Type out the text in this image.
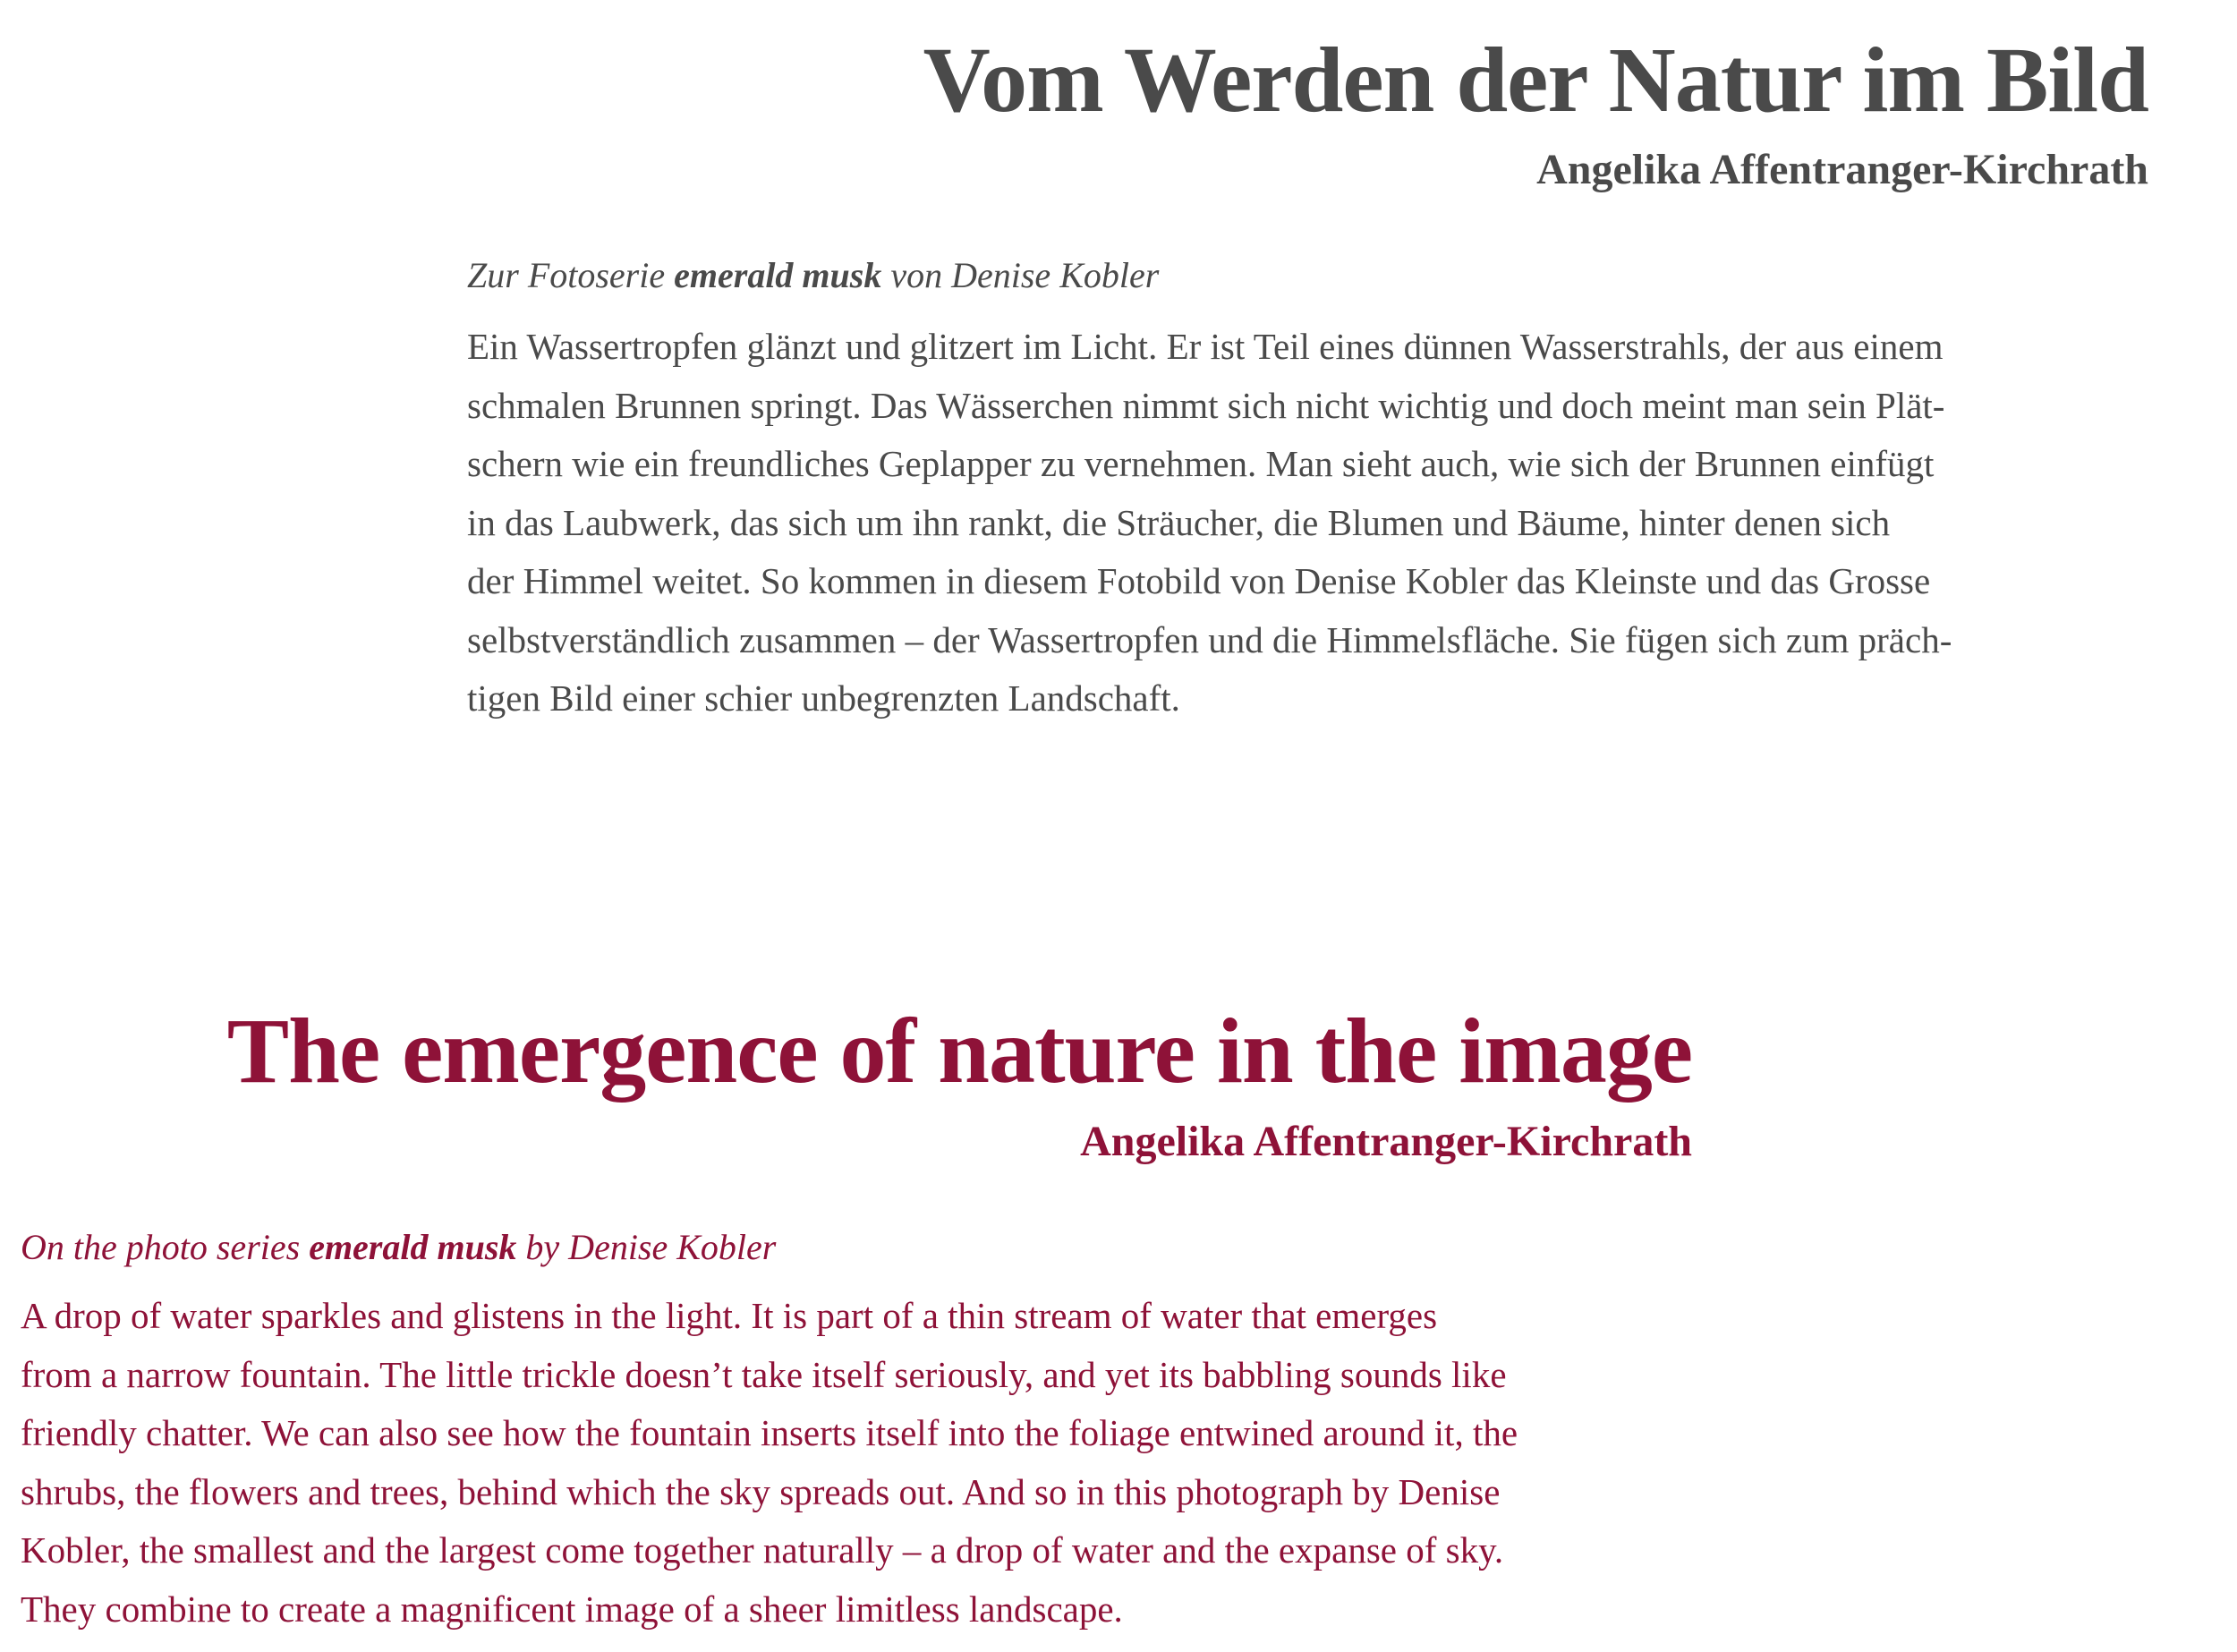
Vom Werden der Natur im Bild
Angelika Affentranger-Kirchrath

Zur Fotoserie emerald musk von Denise Kobler

Ein Wassertropfen glänzt und glitzert im Licht. Er ist Teil eines dünnen Wasserstrahls, der aus einem
schmalen Brunnen springt. Das Wässerchen nimmt sich nicht wichtig und doch meint man sein Plät-
schern wie ein freundliches Geplapper zu vernehmen. Man sieht auch, wie sich der Brunnen einfügt
in das Laubwerk, das sich um ihn rankt, die Sträucher, die Blumen und Bäume, hinter denen sich
der Himmel weitet. So kommen in diesem Fotobild von Denise Kobler das Kleinste und das Grosse
selbstverständlich zusammen – der Wassertropfen und die Himmelsfläche. Sie fügen sich zum präch-
tigen Bild einer schier unbegrenzten Landschaft.
The emergence of nature in the image
Angelika Affentranger-Kirchrath

On the photo series emerald musk by Denise Kobler

A drop of water sparkles and glistens in the light. It is part of a thin stream of water that emerges
from a narrow fountain. The little trickle doesn’t take itself seriously, and yet its babbling sounds like
friendly chatter. We can also see how the fountain inserts itself into the foliage entwined around it, the
shrubs, the flowers and trees, behind which the sky spreads out. And so in this photograph by Denise
Kobler, the smallest and the largest come together naturally – a drop of water and the expanse of sky.
They combine to create a magnificent image of a sheer limitless landscape.
